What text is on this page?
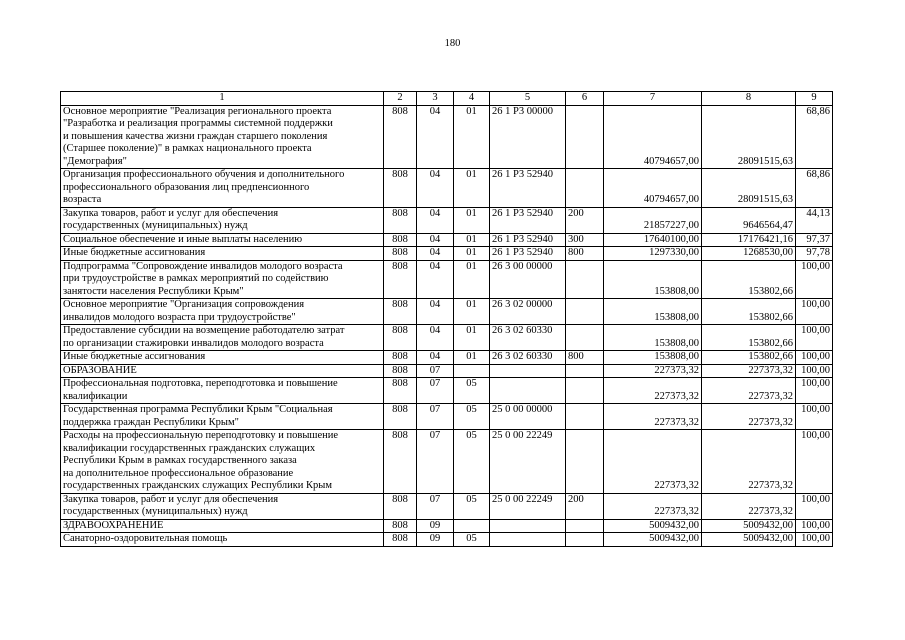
180
1	2	3	4	5	6	7	8	9
Основное мероприятие "Реализация регионального проекта
"Разработка и реализация программы системной поддержки
и повышения качества жизни граждан старшего поколения
(Старшее поколение)" в рамках национального проекта
"Демография"	808	04	01	26 1 Р3 00000		40794657,00	28091515,63	68,86
Организация профессионального обучения и дополнительного
профессионального образования лиц предпенсионного
возраста	808	04	01	26 1 Р3 52940		40794657,00	28091515,63	68,86
Закупка товаров, работ и услуг для обеспечения
государственных (муниципальных) нужд	808	04	01	26 1 Р3 52940	200	21857227,00	9646564,47	44,13
Социальное обеспечение и иные выплаты населению	808	04	01	26 1 Р3 52940	300	17640100,00	17176421,16	97,37
Иные бюджетные ассигнования	808	04	01	26 1 Р3 52940	800	1297330,00	1268530,00	97,78
Подпрограмма "Сопровождение инвалидов молодого возраста
при трудоустройстве в рамках мероприятий по содействию
занятости населения Республики Крым"	808	04	01	26 3 00 00000		153808,00	153802,66	100,00
Основное мероприятие "Организация сопровождения
инвалидов молодого возраста при трудоустройстве"	808	04	01	26 3 02 00000		153808,00	153802,66	100,00
Предоставление субсидии на возмещение работодателю затрат
по организации стажировки инвалидов молодого возраста	808	04	01	26 3 02 60330		153808,00	153802,66	100,00
Иные бюджетные ассигнования	808	04	01	26 3 02 60330	800	153808,00	153802,66	100,00
ОБРАЗОВАНИЕ	808	07				227373,32	227373,32	100,00
Профессиональная подготовка, переподготовка и повышение
квалификации	808	07	05			227373,32	227373,32	100,00
Государственная программа Республики Крым "Социальная
поддержка граждан Республики Крым"	808	07	05	25 0 00 00000		227373,32	227373,32	100,00
Расходы на профессиональную переподготовку и повышение
квалификации государственных гражданских служащих
Республики Крым в рамках государственного заказа
на дополнительное профессиональное образование
государственных гражданских служащих Республики Крым	808	07	05	25 0 00 22249		227373,32	227373,32	100,00
Закупка товаров, работ и услуг для обеспечения
государственных (муниципальных) нужд	808	07	05	25 0 00 22249	200	227373,32	227373,32	100,00
ЗДРАВООХРАНЕНИЕ	808	09				5009432,00	5009432,00	100,00
Санаторно-оздоровительная помощь	808	09	05			5009432,00	5009432,00	100,00
